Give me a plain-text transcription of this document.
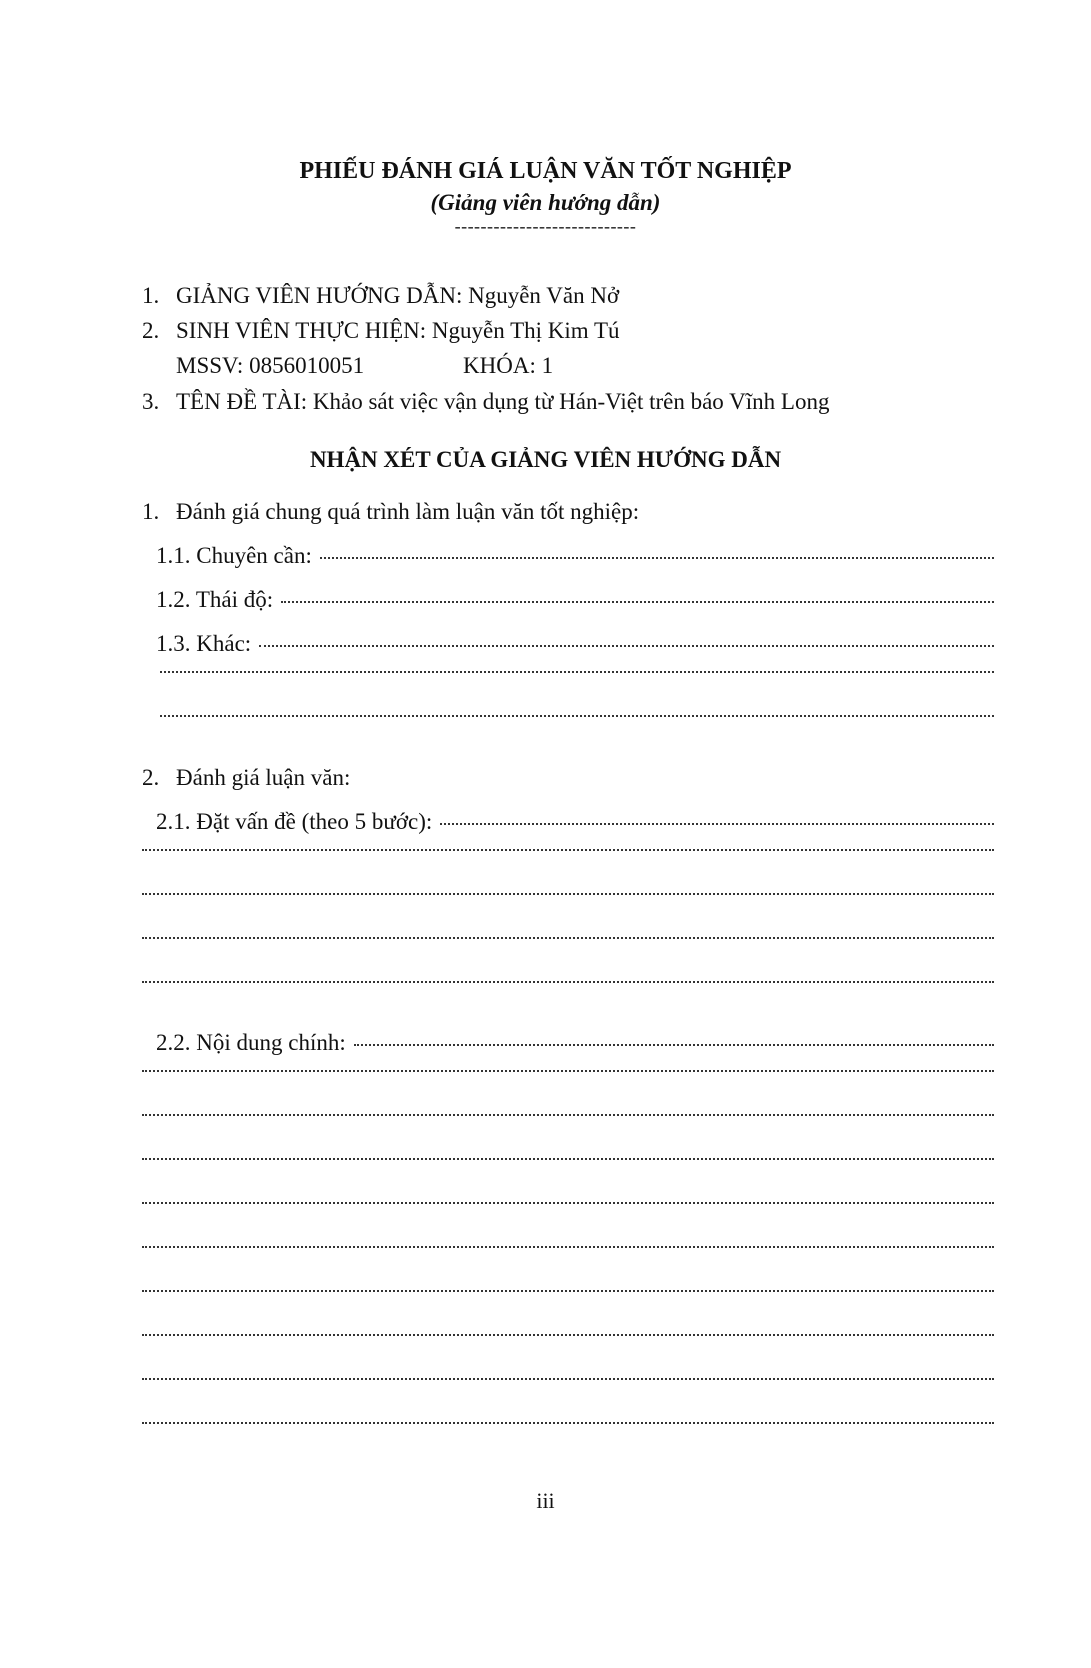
PHIẾU ĐÁNH GIÁ LUẬN VĂN TỐT NGHIỆP
(Giảng viên hướng dẫn)
----------------------------
1. GIẢNG VIÊN HƯỚNG DẪN: Nguyễn Văn Nở
2. SINH VIÊN THỰC HIỆN: Nguyễn Thị Kim Tú
MSSV: 0856010051	KHÓA: 1
3. TÊN ĐỀ TÀI: Khảo sát việc vận dụng từ Hán-Việt trên báo Vĩnh Long
NHẬN XÉT CỦA GIẢNG VIÊN HƯỚNG DẪN
1. Đánh giá chung quá trình làm luận văn tốt nghiệp:
1.1. Chuyên cần:
1.2. Thái độ:
1.3. Khác:
2. Đánh giá luận văn:
2.1. Đặt vấn đề (theo 5 bước):
2.2. Nội dung chính:
iii
